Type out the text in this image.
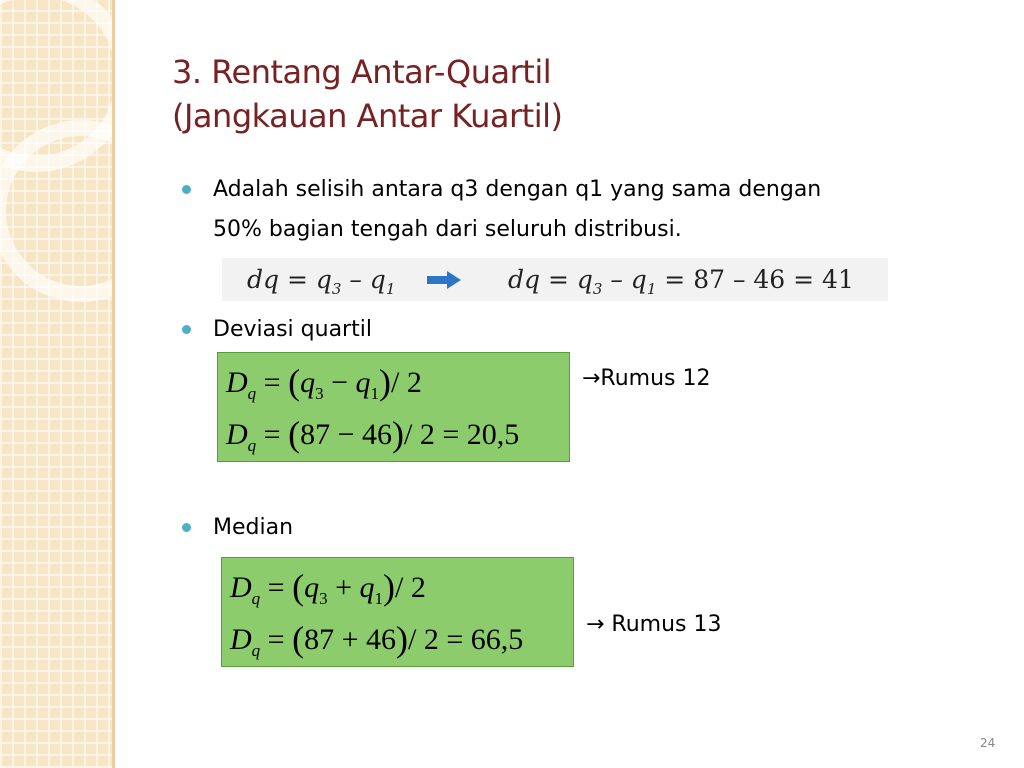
3. Rentang Antar-Quartil
(Jangkauan Antar Kuartil)
Adalah selisih antara q3 dengan q1 yang sama dengan
50% bagian tengah dari seluruh distribusi.
dq = $q_3 - q_1$	dq = $q_3 - q_1 = 87 - 46 = 41$
Deviasi quartil
$D_q = (q_3 - q_1)/$ 2
$D_q = (87 - 46)/$ 2 = 20,5
→Rumus 12
Median
$D_q = (q_3 + q_1)/$ 2
$D_q = (87 + 46)/$ 2 = 66,5	→ Rumus 13
24
